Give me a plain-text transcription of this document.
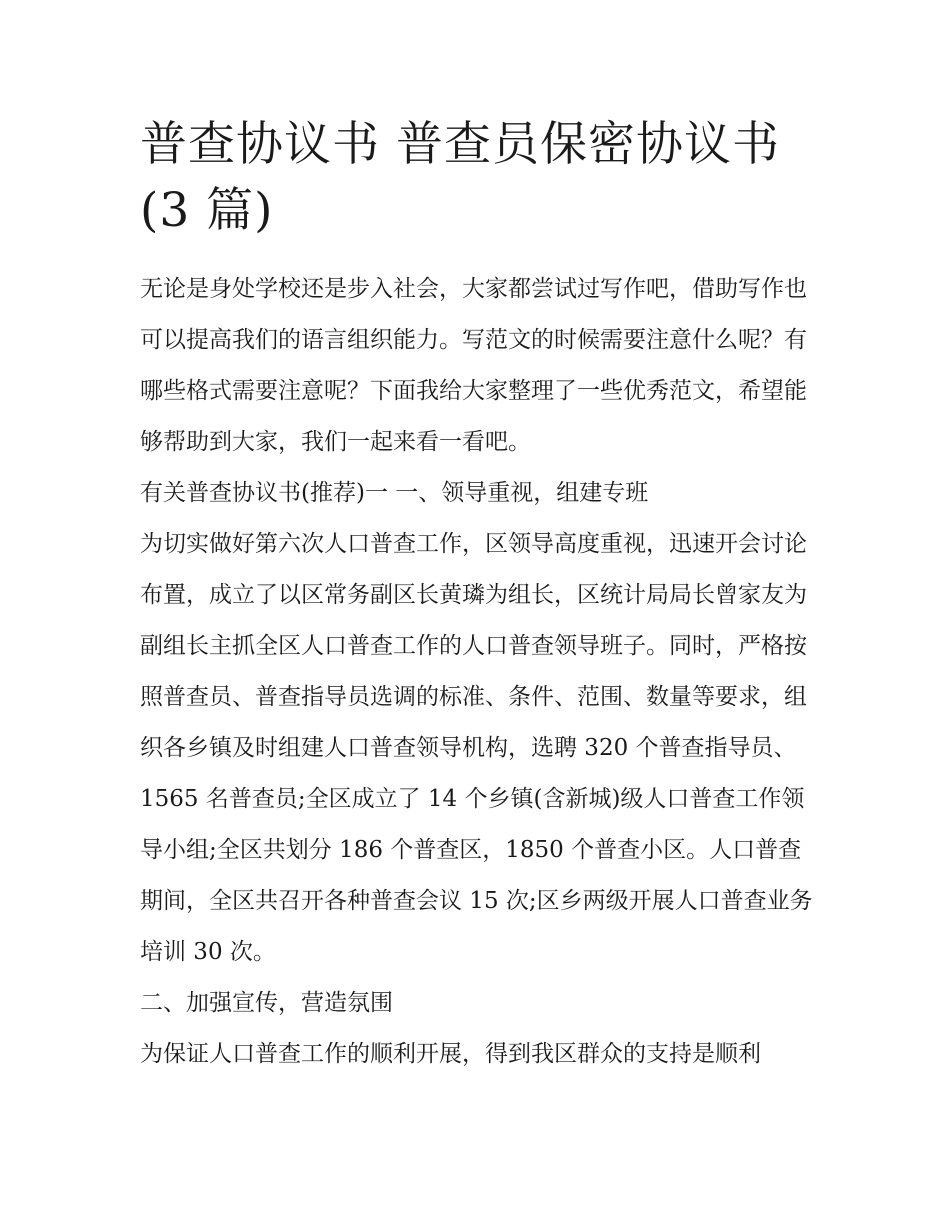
普查协议书 普查员保密协议书
(3 篇)

无论是身处学校还是步入社会，大家都尝试过写作吧，借助写作也可以提高我们的语言组织能力。写范文的时候需要注意什么呢？有哪些格式需要注意呢？下面我给大家整理了一些优秀范文，希望能够帮助到大家，我们一起来看一看吧。

有关普查协议书(推荐)一 一、领导重视，组建专班

为切实做好第六次人口普查工作，区领导高度重视，迅速开会讨论布置，成立了以区常务副区长黄璘为组长，区统计局局长曾家友为副组长主抓全区人口普查工作的人口普查领导班子。同时，严格按照普查员、普查指导员选调的标准、条件、范围、数量等要求，组织各乡镇及时组建人口普查领导机构，选聘 320 个普查指导员、1565 名普查员;全区成立了 14 个乡镇(含新城)级人口普查工作领导小组;全区共划分 186 个普查区，1850 个普查小区。人口普查期间，全区共召开各种普查会议 15 次;区乡两级开展人口普查业务培训 30 次。

二、加强宣传，营造氛围

为保证人口普查工作的顺利开展，得到我区群众的支持是顺利
